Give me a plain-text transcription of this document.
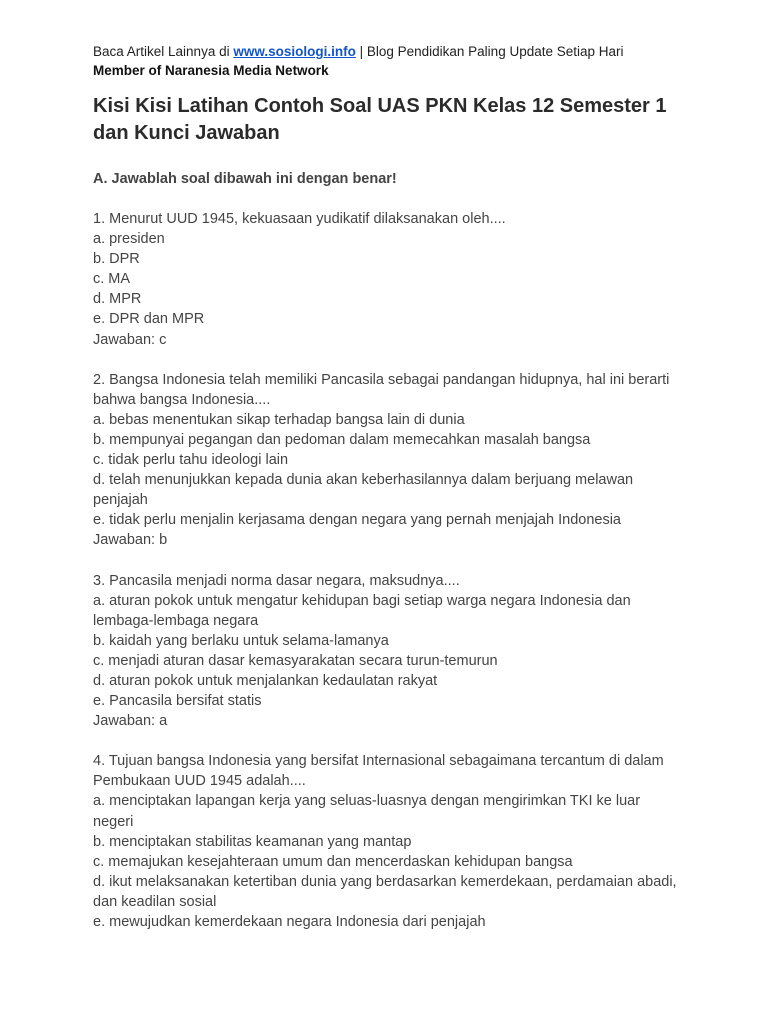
Baca Artikel Lainnya di www.sosiologi.info | Blog Pendidikan Paling Update Setiap Hari
Member of Naranesia Media Network
Kisi Kisi Latihan Contoh Soal UAS PKN Kelas 12 Semester 1 dan Kunci Jawaban
A. Jawablah soal dibawah ini dengan benar!
1. Menurut UUD 1945, kekuasaan yudikatif dilaksanakan oleh....
a. presiden
b. DPR
c. MA
d. MPR
e. DPR dan MPR
Jawaban: c
2. Bangsa Indonesia telah memiliki Pancasila sebagai pandangan hidupnya, hal ini berarti bahwa bangsa Indonesia....
a. bebas menentukan sikap terhadap bangsa lain di dunia
b. mempunyai pegangan dan pedoman dalam memecahkan masalah bangsa
c. tidak perlu tahu ideologi lain
d. telah menunjukkan kepada dunia akan keberhasilannya dalam berjuang melawan penjajah
e. tidak perlu menjalin kerjasama dengan negara yang pernah menjajah Indonesia
Jawaban: b
3. Pancasila menjadi norma dasar negara, maksudnya....
a. aturan pokok untuk mengatur kehidupan bagi setiap warga negara Indonesia dan lembaga-lembaga negara
b. kaidah yang berlaku untuk selama-lamanya
c. menjadi aturan dasar kemasyarakatan secara turun-temurun
d. aturan pokok untuk menjalankan kedaulatan rakyat
e. Pancasila bersifat statis
Jawaban: a
4. Tujuan bangsa Indonesia yang bersifat Internasional sebagaimana tercantum di dalam Pembukaan UUD 1945 adalah....
a. menciptakan lapangan kerja yang seluas-luasnya dengan mengirimkan TKI ke luar negeri
b. menciptakan stabilitas keamanan yang mantap
c. memajukan kesejahteraan umum dan mencerdaskan kehidupan bangsa
d. ikut melaksanakan ketertiban dunia yang berdasarkan kemerdekaan, perdamaian abadi, dan keadilan sosial
e. mewujudkan kemerdekaan negara Indonesia dari penjajah
